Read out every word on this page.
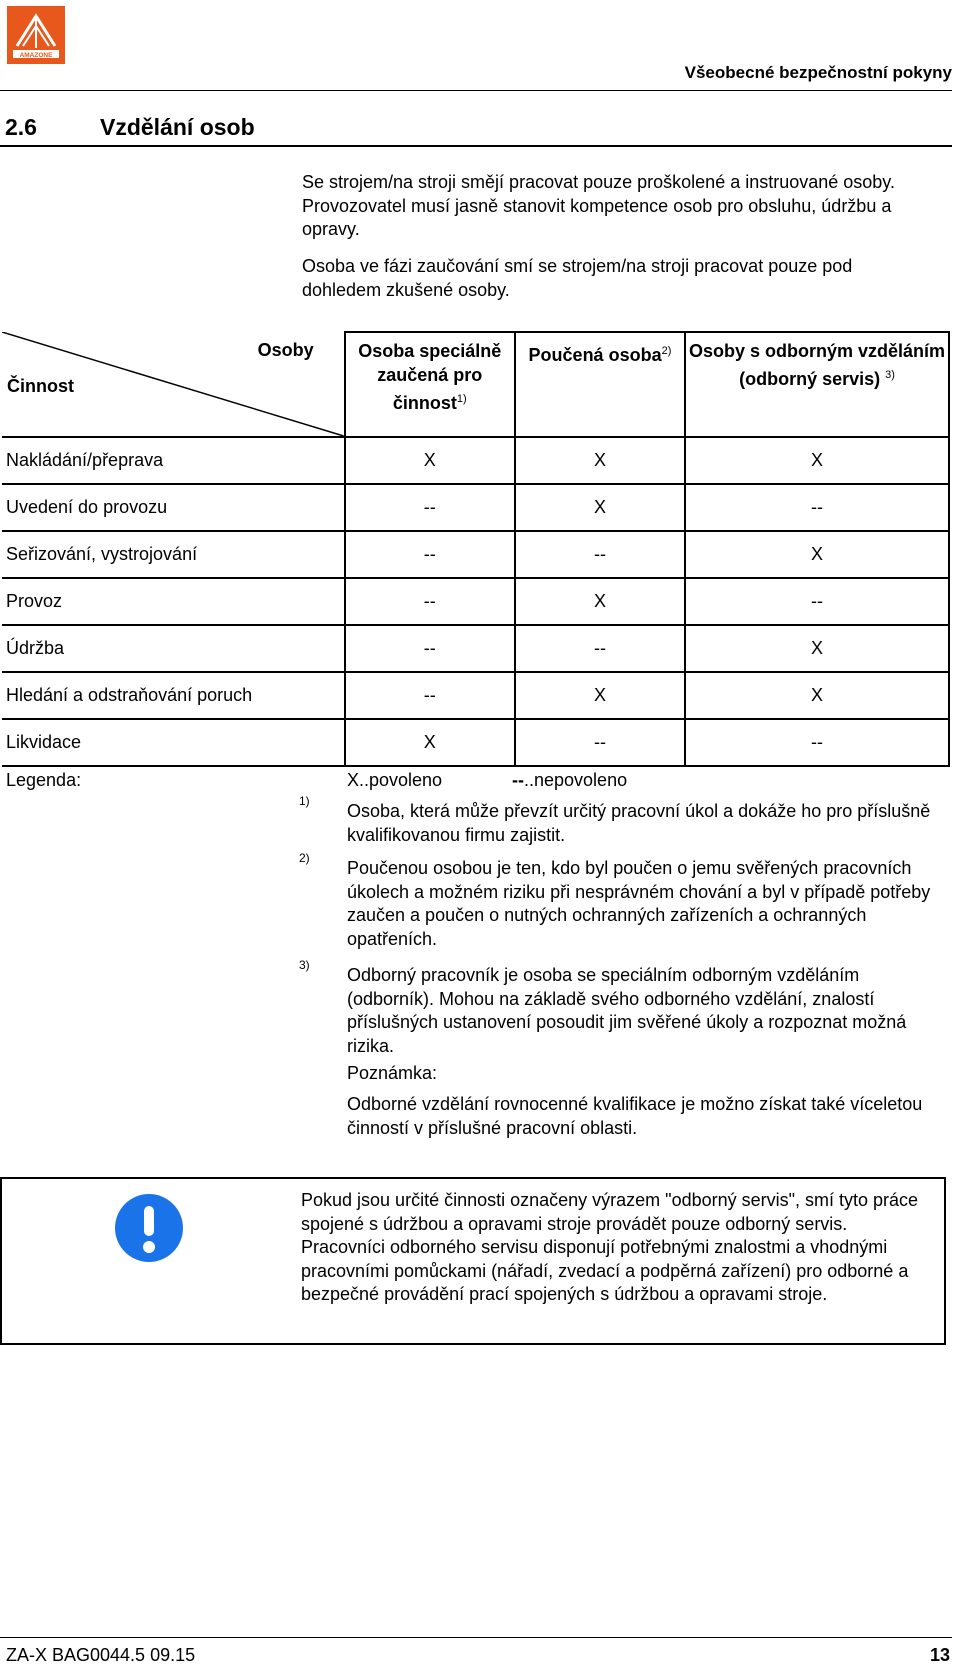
AMAZONE
Všeobecné bezpečnostní pokyny
2.6	Vzdělání osob
Se strojem/na stroji smějí pracovat pouze proškolené a instruované osoby. Provozovatel musí jasně stanovit kompetence osob pro obsluhu, údržbu a opravy.
Osoba ve fázi zaučování smí se strojem/na stroji pracovat pouze pod dohledem zkušené osoby.
Činnost
Osoby	Osoba speciálně zaučená pro činnost$^{1)}$	Poučená osoba$^{2)}$	Osoby s odborným vzděláním (odborný servis) $^{3)}$
Nakládání/přeprava	X	X	X
Uvedení do provozu	--	X	--
Seřizování, vystrojování	--	--	X
Provoz	--	X	--
Údržba	--	--	X
Hledání a odstraňování poruch	--	X	X
Likvidace	X	--	--
Legenda:	X..povoleno	--..nepovoleno
1) Osoba, která může převzít určitý pracovní úkol a dokáže ho pro příslušně kvalifikovanou firmu zajistit.
2) Poučenou osobou je ten, kdo byl poučen o jemu svěřených pracovních úkolech a možném riziku při nesprávném chování a byl v případě potřeby zaučen a poučen o nutných ochranných zařízeních a ochranných opatřeních.
3) Odborný pracovník je osoba se speciálním odborným vzděláním (odborník). Mohou na základě svého odborného vzdělání, znalostí příslušných ustanovení posoudit jim svěřené úkoly a rozpoznat možná rizika.
Poznámka:
Odborné vzdělání rovnocenné kvalifikace je možno získat také víceletou činností v příslušné pracovní oblasti.
Pokud jsou určité činnosti označeny výrazem "odborný servis", smí tyto práce spojené s údržbou a opravami stroje provádět pouze odborný servis. Pracovníci odborného servisu disponují potřebnými znalostmi a vhodnými pracovními pomůckami (nářadí, zvedací a podpěrná zařízení) pro odborné a bezpečné provádění prací spojených s údržbou a opravami stroje.
ZA-X BAG0044.5 09.15	13
